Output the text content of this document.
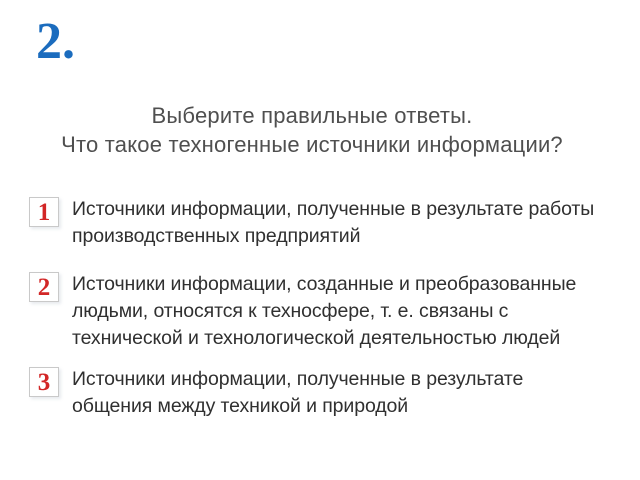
2.
Выберите правильные ответы.
Что такое техногенные источники информации?
1 Источники информации, полученные в результате работы
производственных предприятий
2 Источники информации, созданные и преобразованные
людьми, относятся к техносфере, т. е. связаны с
технической и технологической деятельностью людей
3 Источники информации, полученные в результате
общения между техникой и природой
